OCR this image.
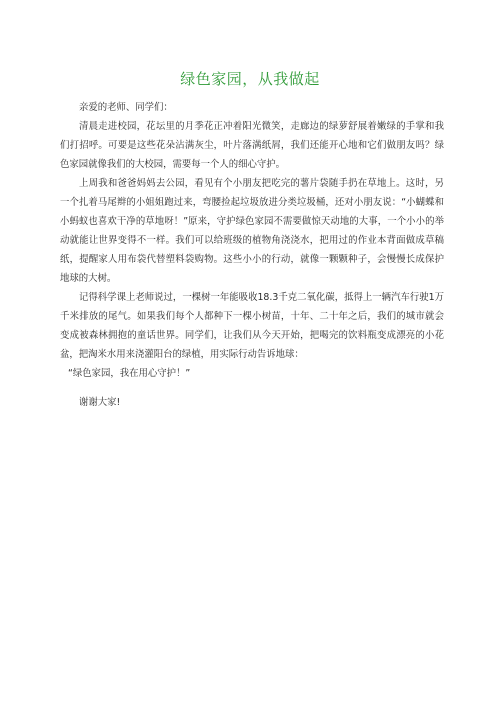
绿色家园，从我做起

亲爱的老师、同学们：

清晨走进校园，花坛里的月季花正冲着阳光微笑，走廊边的绿萝舒展着嫩绿的手掌和我们打招呼。可要是这些花朵沾满灰尘，叶片落满纸屑，我们还能开心地和它们做朋友吗？绿色家园就像我们的大校园，需要每一个人的细心守护。

上周我和爸爸妈妈去公园，看见有个小朋友把吃完的薯片袋随手扔在草地上。这时，另一个扎着马尾辫的小姐姐跑过来，弯腰捡起垃圾放进分类垃圾桶，还对小朋友说：“小蝴蝶和小蚂蚁也喜欢干净的草地呀！”原来，守护绿色家园不需要做惊天动地的大事，一个小小的举动就能让世界变得不一样。我们可以给班级的植物角浇浇水，把用过的作业本背面做成草稿纸，提醒家人用布袋代替塑料袋购物。这些小小的行动，就像一颗颗种子，会慢慢长成保护地球的大树。

记得科学课上老师说过，一棵树一年能吸收18.3千克二氧化碳，抵得上一辆汽车行驶1万千米排放的尾气。如果我们每个人都种下一棵小树苗，十年、二十年之后，我们的城市就会变成被森林拥抱的童话世界。同学们，让我们从今天开始，把喝完的饮料瓶变成漂亮的小花盆，把淘米水用来浇灌阳台的绿植，用实际行动告诉地球：

“绿色家园，我在用心守护！”

谢谢大家!
